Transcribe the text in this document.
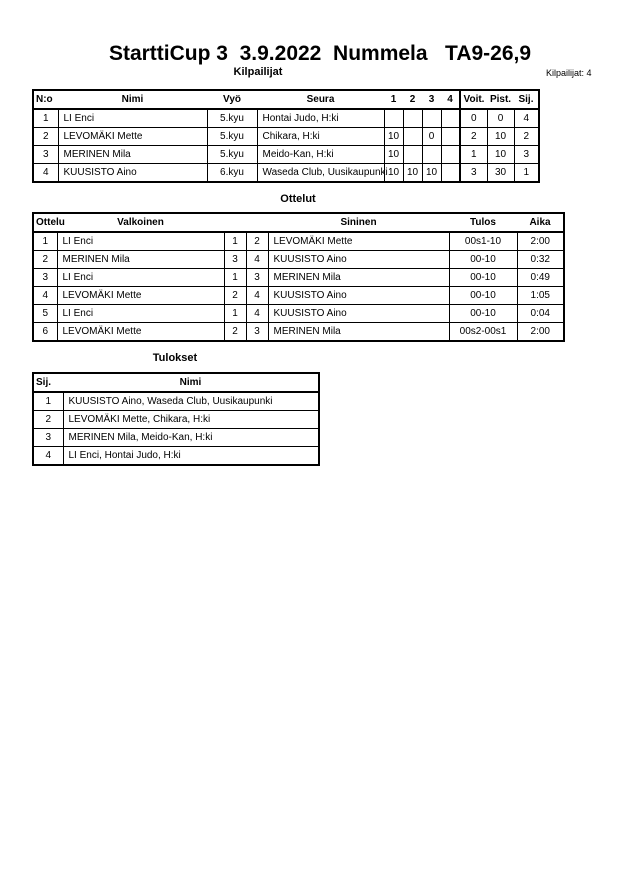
StarttiCup 3  3.9.2022  Nummela   TA9-26,9
Kilpailijat	Kilpailijat: 4
N:o	Nimi	Vyö	Seura	1	2	3	4	Voit.	Pist.	Sij.
1	LI Enci	5.kyu	Hontai Judo, H:ki					0	0	4
2	LEVOMÄKI Mette	5.kyu	Chikara, H:ki	10		0		2	10	2
3	MERINEN Mila	5.kyu	Meido-Kan, H:ki	10				1	10	3
4	KUUSISTO Aino	6.kyu	Waseda Club, Uusikaupunki	10	10	10		3	30	1
Ottelut
Ottelu	Valkoinen			Sininen	Tulos	Aika
1	LI Enci	1	2	LEVOMÄKI Mette	00s1-10	2:00
2	MERINEN Mila	3	4	KUUSISTO Aino	00-10	0:32
3	LI Enci	1	3	MERINEN Mila	00-10	0:49
4	LEVOMÄKI Mette	2	4	KUUSISTO Aino	00-10	1:05
5	LI Enci	1	4	KUUSISTO Aino	00-10	0:04
6	LEVOMÄKI Mette	2	3	MERINEN Mila	00s2-00s1	2:00
Tulokset
Sij.	Nimi
1	KUUSISTO Aino, Waseda Club, Uusikaupunki
2	LEVOMÄKI Mette, Chikara, H:ki
3	MERINEN Mila, Meido-Kan, H:ki
4	LI Enci, Hontai Judo, H:ki
